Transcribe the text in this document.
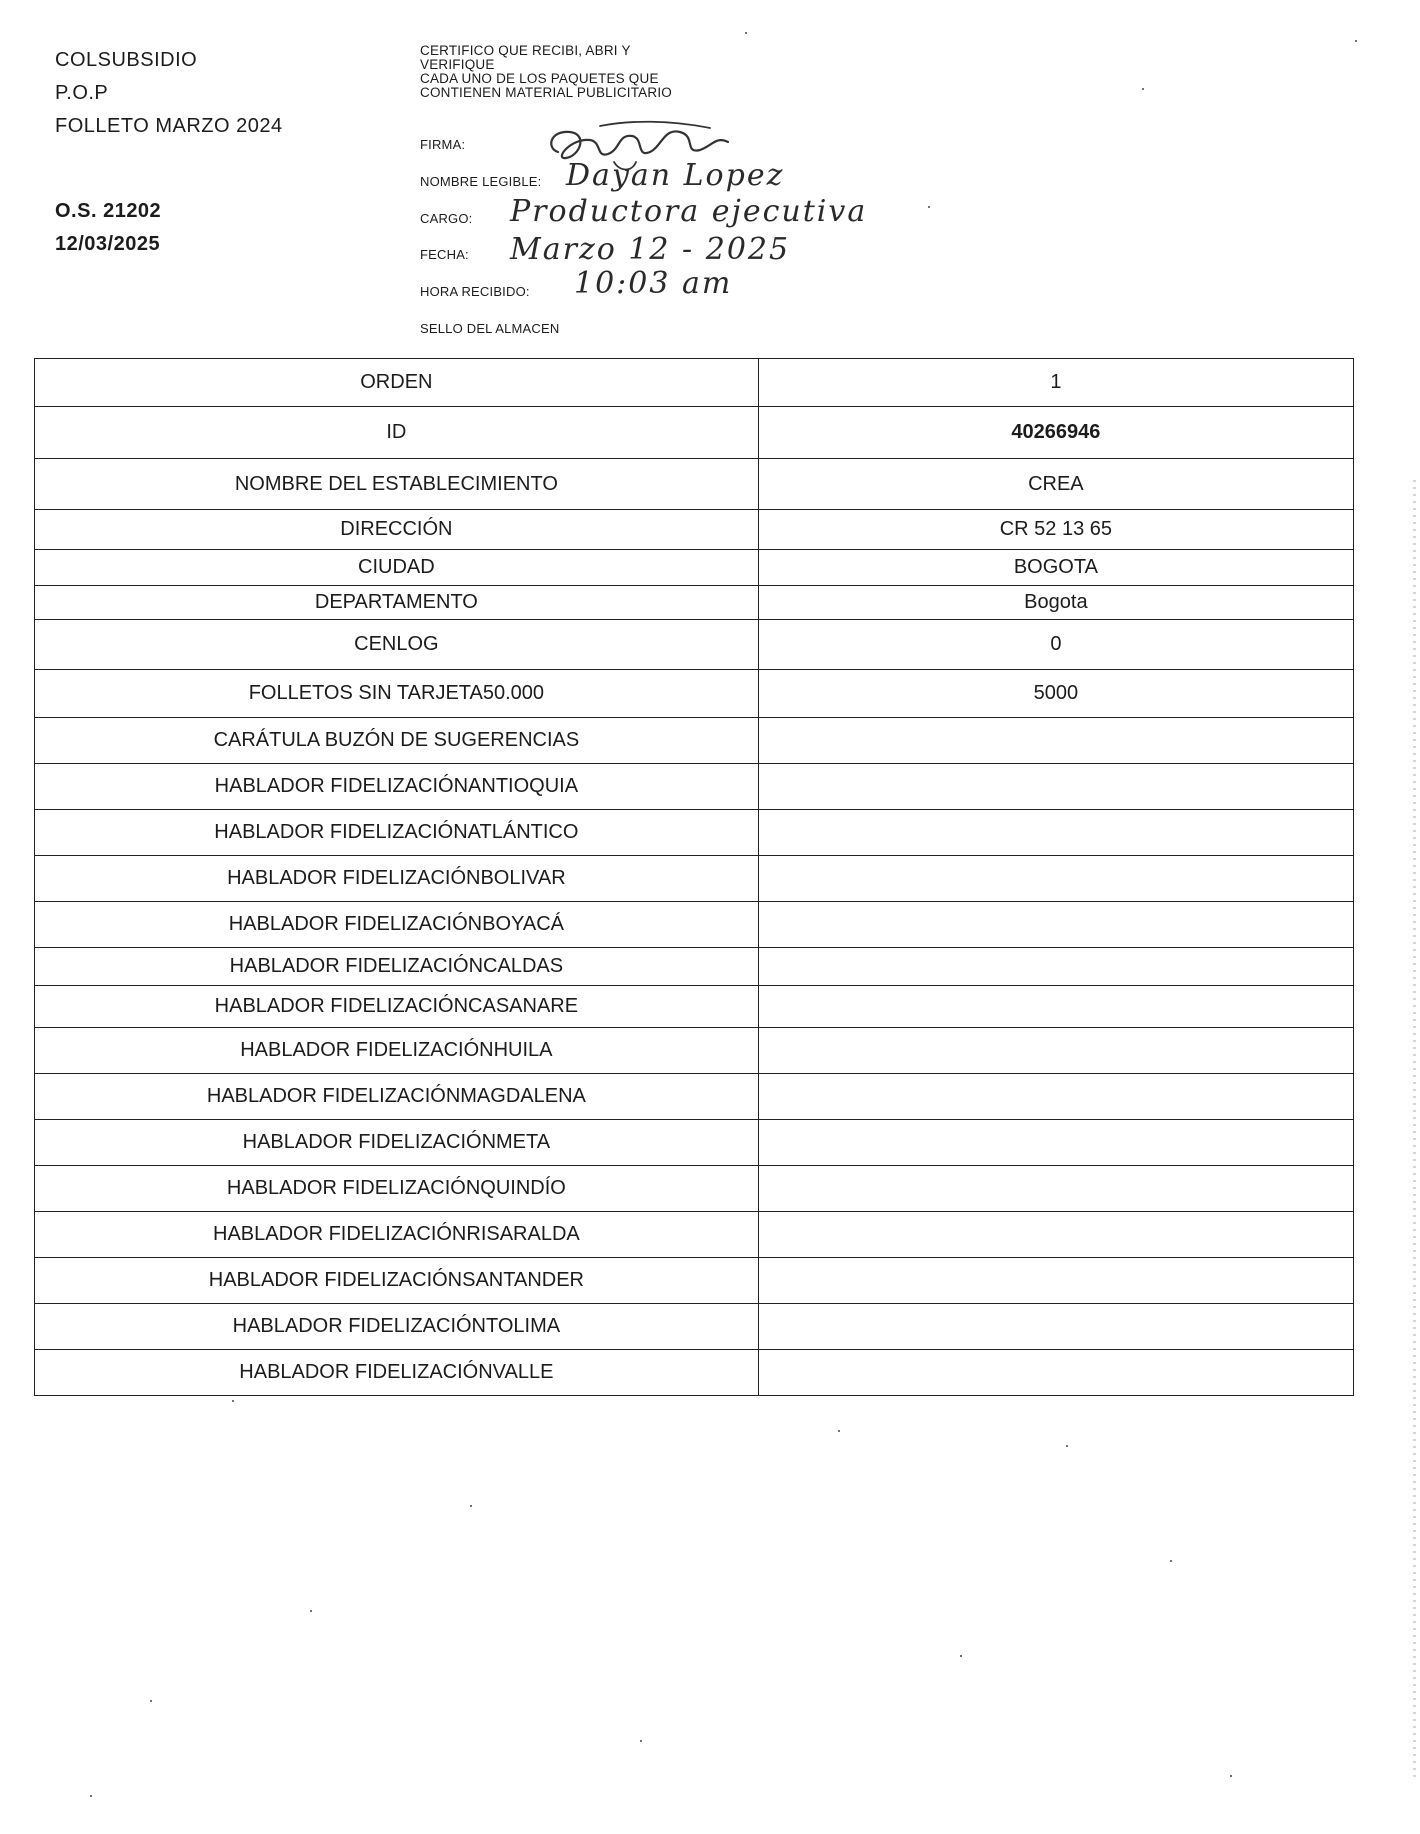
COLSUBSIDIO
P.O.P
FOLLETO MARZO 2024
O.S. 21202
12/03/2025
CERTIFICO QUE RECIBI, ABRI Y
VERIFIQUE
CADA UNO DE LOS PAQUETES QUE
CONTIENEN MATERIAL PUBLICITARIO
FIRMA:
NOMBRE LEGIBLE: Dayan Lopez
CARGO: Productora ejecutiva
FECHA: Marzo 12 - 2025
HORA RECIBIDO: 10:03 am
SELLO DEL ALMACEN
ORDEN	1
ID	40266946
NOMBRE DEL ESTABLECIMIENTO	CREA
DIRECCIÓN	CR 52 13 65
CIUDAD	BOGOTA
DEPARTAMENTO	Bogota
CENLOG	0
FOLLETOS SIN TARJETA50.000	5000
CARÁTULA BUZÓN DE SUGERENCIAS	
HABLADOR FIDELIZACIÓNANTIOQUIA	
HABLADOR FIDELIZACIÓNATLÁNTICO	
HABLADOR FIDELIZACIÓNBOLIVAR	
HABLADOR FIDELIZACIÓNBOYACÁ	
HABLADOR FIDELIZACIÓNCALDAS	
HABLADOR FIDELIZACIÓNCASANARE	
HABLADOR FIDELIZACIÓNHUILA	
HABLADOR FIDELIZACIÓNMAGDALENA	
HABLADOR FIDELIZACIÓNMETA	
HABLADOR FIDELIZACIÓNQUINDÍO	
HABLADOR FIDELIZACIÓNRISARALDA	
HABLADOR FIDELIZACIÓNSANTANDER	
HABLADOR FIDELIZACIÓNTOLIMA	
HABLADOR FIDELIZACIÓNVALLE	
